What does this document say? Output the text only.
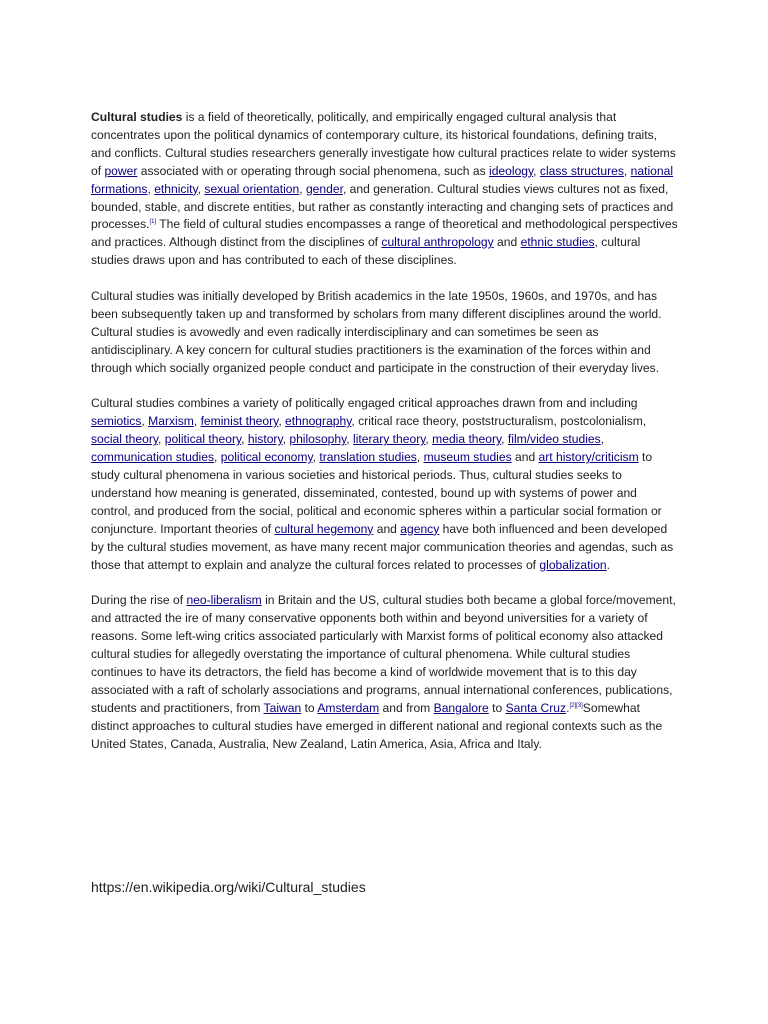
Cultural studies is a field of theoretically, politically, and empirically engaged cultural analysis that concentrates upon the political dynamics of contemporary culture, its historical foundations, defining traits, and conflicts. Cultural studies researchers generally investigate how cultural practices relate to wider systems of power associated with or operating through social phenomena, such as ideology, class structures, national formations, ethnicity, sexual orientation, gender, and generation. Cultural studies views cultures not as fixed, bounded, stable, and discrete entities, but rather as constantly interacting and changing sets of practices and processes.[1] The field of cultural studies encompasses a range of theoretical and methodological perspectives and practices. Although distinct from the disciplines of cultural anthropology and ethnic studies, cultural studies draws upon and has contributed to each of these disciplines.

Cultural studies was initially developed by British academics in the late 1950s, 1960s, and 1970s, and has been subsequently taken up and transformed by scholars from many different disciplines around the world. Cultural studies is avowedly and even radically interdisciplinary and can sometimes be seen as antidisciplinary. A key concern for cultural studies practitioners is the examination of the forces within and through which socially organized people conduct and participate in the construction of their everyday lives.

Cultural studies combines a variety of politically engaged critical approaches drawn from and including semiotics, Marxism, feminist theory, ethnography, critical race theory, poststructuralism, postcolonialism, social theory, political theory, history, philosophy, literary theory, media theory, film/video studies, communication studies, political economy, translation studies, museum studies and art history/criticism to study cultural phenomena in various societies and historical periods. Thus, cultural studies seeks to understand how meaning is generated, disseminated, contested, bound up with systems of power and control, and produced from the social, political and economic spheres within a particular social formation or conjuncture. Important theories of cultural hegemony and agency have both influenced and been developed by the cultural studies movement, as have many recent major communication theories and agendas, such as those that attempt to explain and analyze the cultural forces related to processes of globalization.

During the rise of neo-liberalism in Britain and the US, cultural studies both became a global force/movement, and attracted the ire of many conservative opponents both within and beyond universities for a variety of reasons. Some left-wing critics associated particularly with Marxist forms of political economy also attacked cultural studies for allegedly overstating the importance of cultural phenomena. While cultural studies continues to have its detractors, the field has become a kind of worldwide movement that is to this day associated with a raft of scholarly associations and programs, annual international conferences, publications, students and practitioners, from Taiwan to Amsterdam and from Bangalore to Santa Cruz.[2][3]Somewhat distinct approaches to cultural studies have emerged in different national and regional contexts such as the United States, Canada, Australia, New Zealand, Latin America, Asia, Africa and Italy.

https://en.wikipedia.org/wiki/Cultural_studies
